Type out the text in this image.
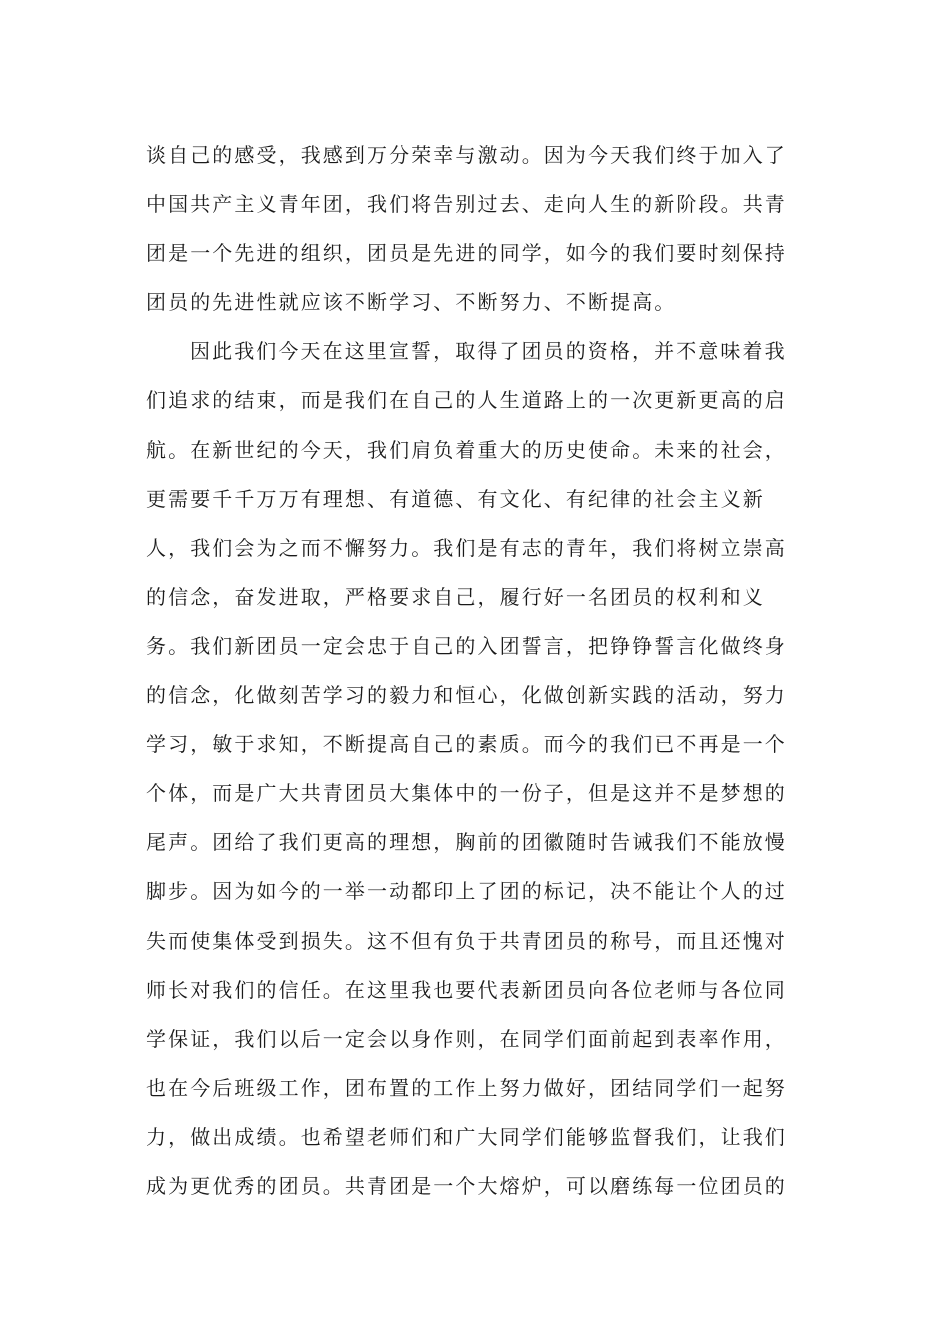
谈自己的感受，我感到万分荣幸与激动。因为今天我们终于加入了
中国共产主义青年团，我们将告别过去、走向人生的新阶段。共青
团是一个先进的组织，团员是先进的同学，如今的我们要时刻保持
团员的先进性就应该不断学习、不断努力、不断提高。
因此我们今天在这里宣誓，取得了团员的资格，并不意味着我
们追求的结束，而是我们在自己的人生道路上的一次更新更高的启
航。在新世纪的今天，我们肩负着重大的历史使命。未来的社会，
更需要千千万万有理想、有道德、有文化、有纪律的社会主义新
人，我们会为之而不懈努力。我们是有志的青年，我们将树立崇高
的信念，奋发进取，严格要求自己，履行好一名团员的权利和义
务。我们新团员一定会忠于自己的入团誓言，把铮铮誓言化做终身
的信念，化做刻苦学习的毅力和恒心，化做创新实践的活动，努力
学习，敏于求知，不断提高自己的素质。而今的我们已不再是一个
个体，而是广大共青团员大集体中的一份子，但是这并不是梦想的
尾声。团给了我们更高的理想，胸前的团徽随时告诫我们不能放慢
脚步。因为如今的一举一动都印上了团的标记，决不能让个人的过
失而使集体受到损失。这不但有负于共青团员的称号，而且还愧对
师长对我们的信任。在这里我也要代表新团员向各位老师与各位同
学保证，我们以后一定会以身作则，在同学们面前起到表率作用，
也在今后班级工作，团布置的工作上努力做好，团结同学们一起努
力，做出成绩。也希望老师们和广大同学们能够监督我们，让我们
成为更优秀的团员。共青团是一个大熔炉，可以磨练每一位团员的
